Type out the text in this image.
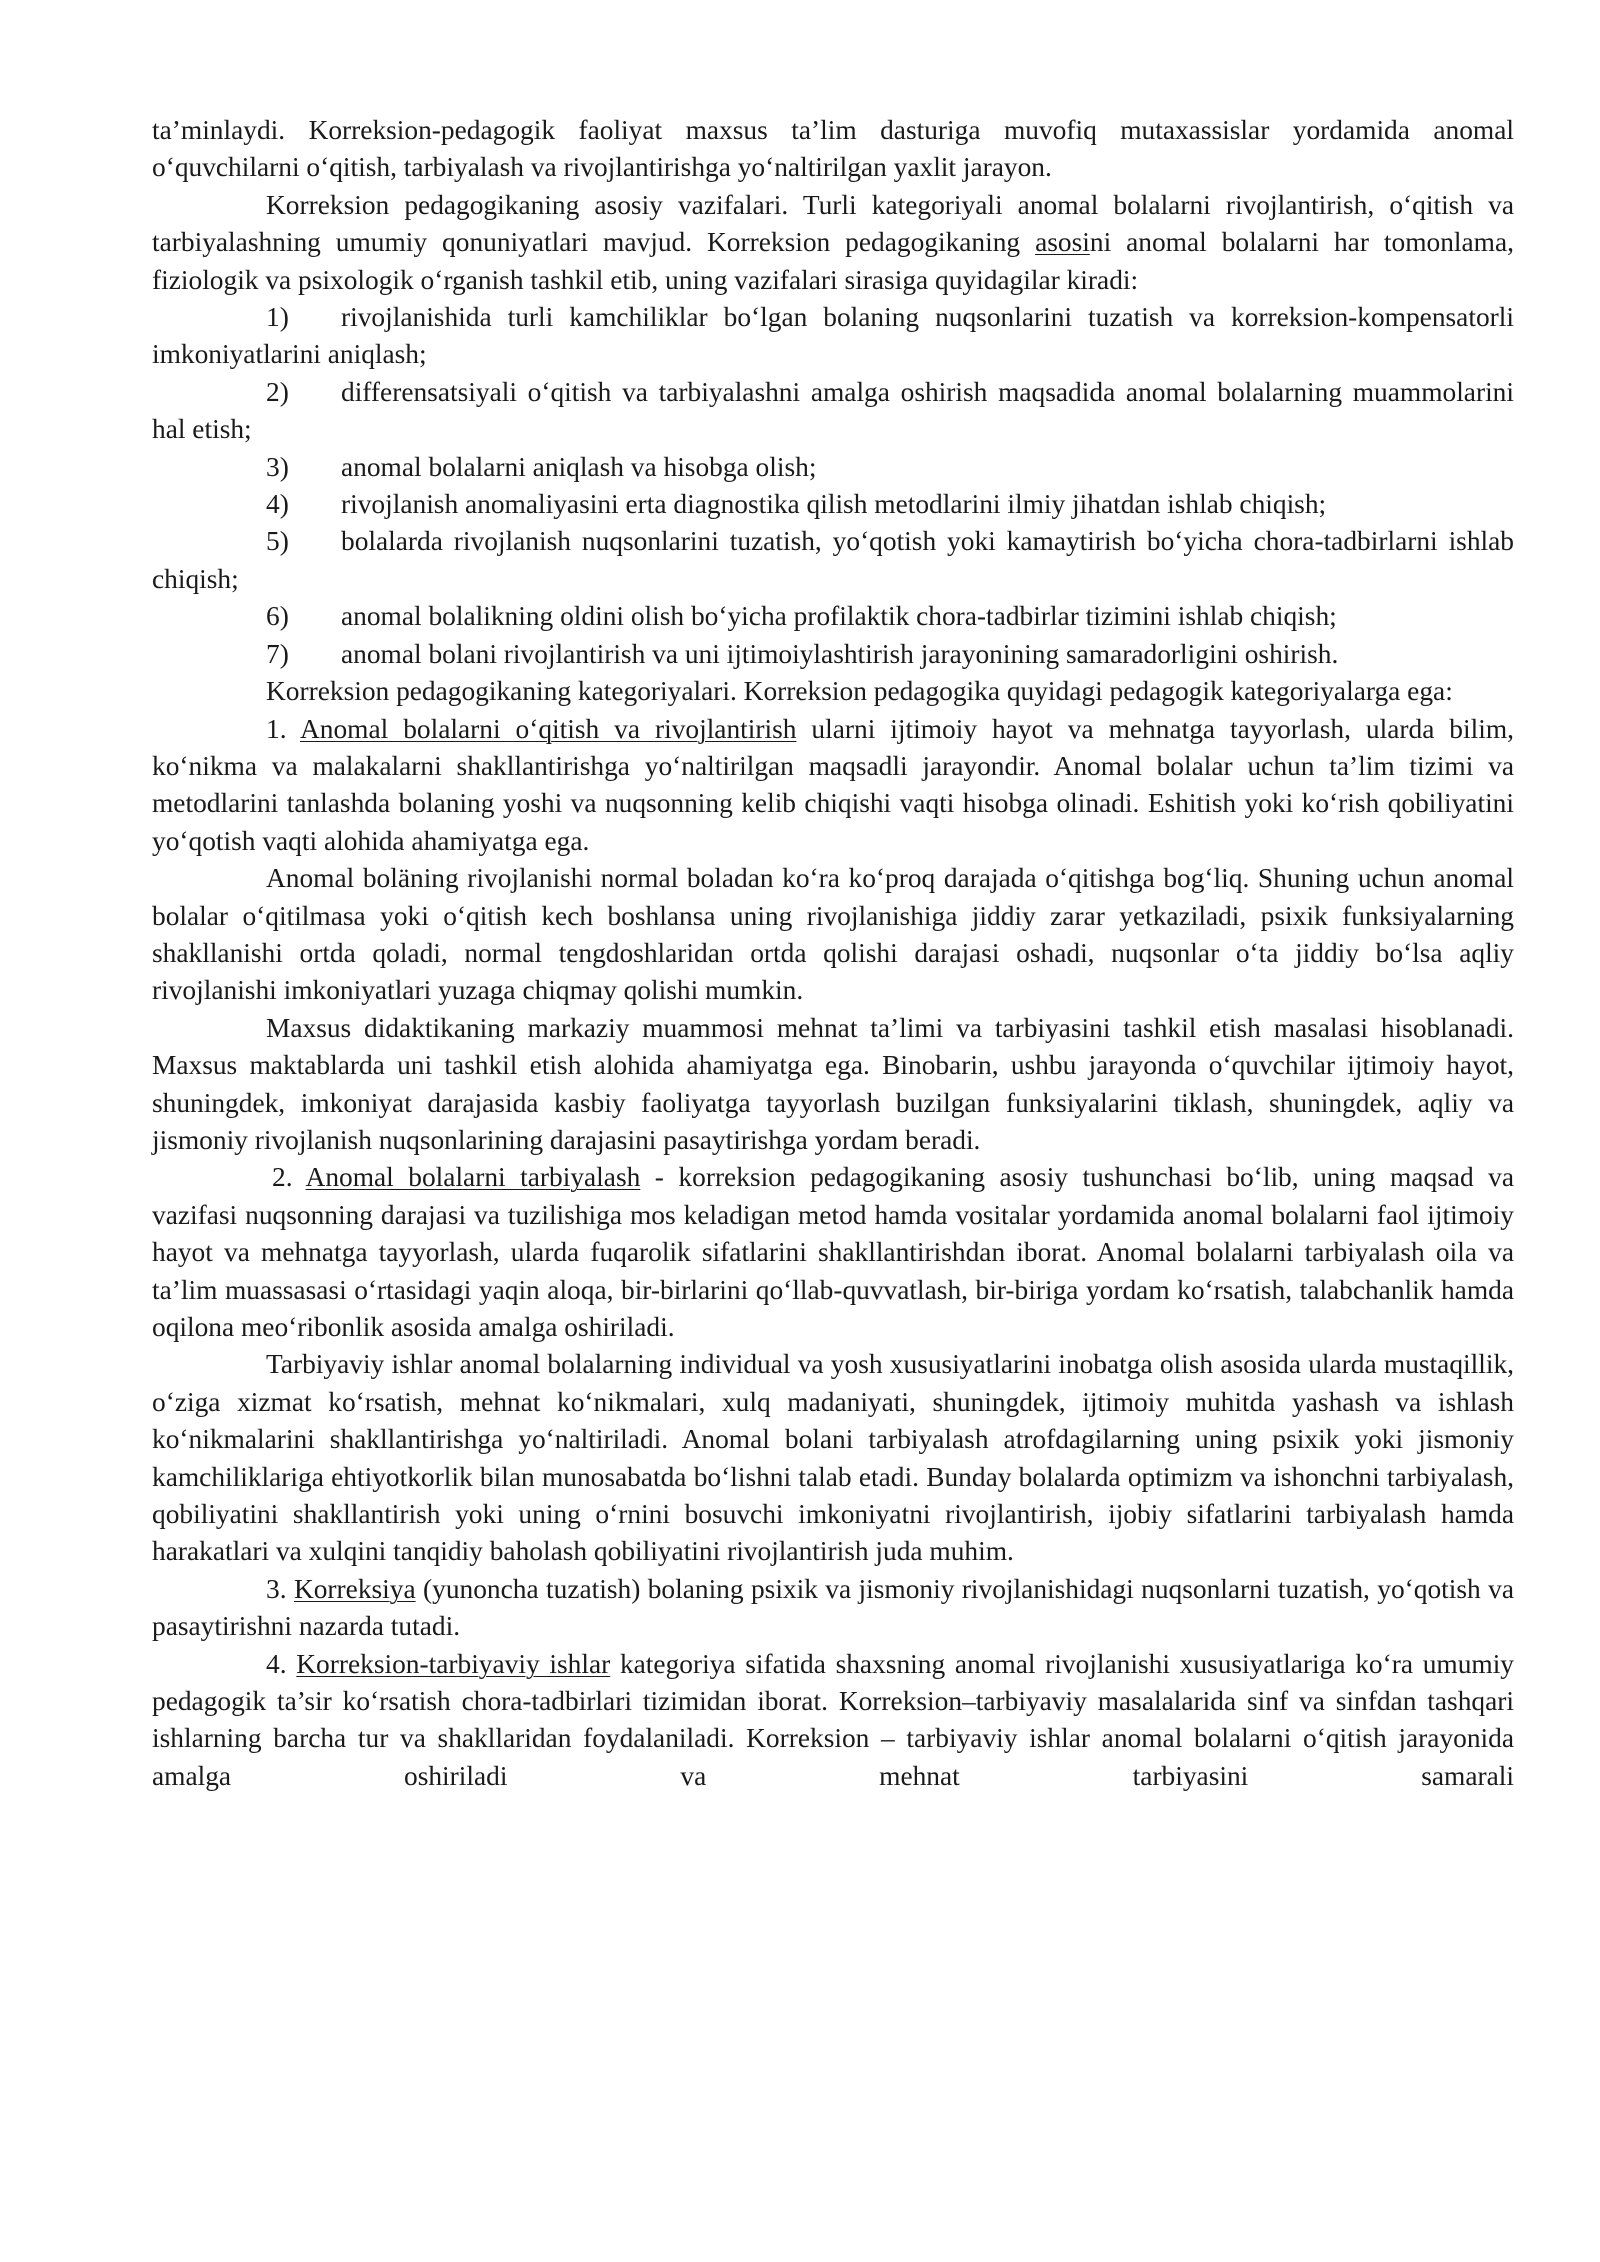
ta’minlaydi. Korreksion-pedagogik faoliyat maxsus ta’lim dasturiga muvofiq mutaxassislar yordamida anomal o‘quvchilarni o‘qitish, tarbiyalash va rivojlantirishga yo‘naltirilgan yaxlit jarayon.

Korreksion pedagogikaning asosiy vazifalari. Turli kategoriyali anomal bolalarni rivojlantirish, o‘qitish va tarbiyalashning umumiy qonuniyatlari mavjud. Korreksion pedagogikaning asosini anomal bolalarni har tomonlama, fiziologik va psixologik o‘rganish tashkil etib, uning vazifalari sirasiga quyidagilar kiradi:

1) rivojlanishida turli kamchiliklar bo‘lgan bolaning nuqsonlarini tuzatish va korreksion-kompensatorli imkoniyatlarini aniqlash;

2) differensatsiyali o‘qitish va tarbiyalashni amalga oshirish maqsadida anomal bolalarning muammolarini hal etish;

3) anomal bolalarni aniqlash va hisobga olish;

4) rivojlanish anomaliyasini erta diagnostika qilish metodlarini ilmiy jihatdan ishlab chiqish;

5) bolalarda rivojlanish nuqsonlarini tuzatish, yo‘qotish yoki kamaytirish bo‘yicha chora-tadbirlarni ishlab chiqish;

6) anomal bolalikning oldini olish bo‘yicha profilaktik chora-tadbirlar tizimini ishlab chiqish;

7) anomal bolani rivojlantirish va uni ijtimoiylashtirish jarayonining samaradorligini oshirish.

Korreksion pedagogikaning kategoriyalari. Korreksion pedagogika quyidagi pedagogik kategoriyalarga ega:

1. Anomal bolalarni o‘qitish va rivojlantirish ularni ijtimoiy hayot va mehnatga tayyorlash, ularda bilim, ko‘nikma va malakalarni shakllantirishga yo‘naltirilgan maqsadli jarayondir. Anomal bolalar uchun ta’lim tizimi va metodlarini tanlashda bolaning yoshi va nuqsonning kelib chiqishi vaqti hisobga olinadi. Eshitish yoki ko‘rish qobiliyatini yo‘qotish vaqti alohida ahamiyatga ega.

Anomal boläning rivojlanishi normal boladan ko‘ra ko‘proq darajada o‘qitishga bog‘liq. Shuning uchun anomal bolalar o‘qitilmasa yoki o‘qitish kech boshlansa uning rivojlanishiga jiddiy zarar yetkaziladi, psixik funksiyalarning shakllanishi ortda qoladi, normal tengdoshlaridan ortda qolishi darajasi oshadi, nuqsonlar o‘ta jiddiy bo‘lsa aqliy rivojlanishi imkoniyatlari yuzaga chiqmay qolishi mumkin.

Maxsus didaktikaning markaziy muammosi mehnat ta’limi va tarbiyasini tashkil etish masalasi hisoblanadi. Maxsus maktablarda uni tashkil etish alohida ahamiyatga ega. Binobarin, ushbu jarayonda o‘quvchilar ijtimoiy hayot, shuningdek, imkoniyat darajasida kasbiy faoliyatga tayyorlash buzilgan funksiyalarini tiklash, shuningdek, aqliy va jismoniy rivojlanish nuqsonlarining darajasini pasaytirishga yordam beradi.

2. Anomal bolalarni tarbiyalash - korreksion pedagogikaning asosiy tushunchasi bo‘lib, uning maqsad va vazifasi nuqsonning darajasi va tuzilishiga mos keladigan metod hamda vositalar yordamida anomal bolalarni faol ijtimoiy hayot va mehnatga tayyorlash, ularda fuqarolik sifatlarini shakllantirishdan iborat. Anomal bolalarni tarbiyalash oila va ta’lim muassasasi o‘rtasidagi yaqin aloqa, bir-birlarini qo‘llab-quvvatlash, bir-biriga yordam ko‘rsatish, talabchanlik hamda oqilona meo‘ribonlik asosida amalga oshiriladi.

Tarbiyaviy ishlar anomal bolalarning individual va yosh xususiyatlarini inobatga olish asosida ularda mustaqillik, o‘ziga xizmat ko‘rsatish, mehnat ko‘nikmalari, xulq madaniyati, shuningdek, ijtimoiy muhitda yashash va ishlash ko‘nikmalarini shakllantirishga yo‘naltiriladi. Anomal bolani tarbiyalash atrofdagilarning uning psixik yoki jismoniy kamchiliklariga ehtiyotkorlik bilan munosabatda bo‘lishni talab etadi. Bunday bolalarda optimizm va ishonchni tarbiyalash, qobiliyatini shakllantirish yoki uning o‘rnini bosuvchi imkoniyatni rivojlantirish, ijobiy sifatlarini tarbiyalash hamda harakatlari va xulqini tanqidiy baholash qobiliyatini rivojlantirish juda muhim.

3. Korreksiya (yunoncha tuzatish) bolaning psixik va jismoniy rivojlanishidagi nuqsonlarni tuzatish, yo‘qotish va pasaytirishni nazarda tutadi.

4. Korreksion-tarbiyaviy ishlar kategoriya sifatida shaxsning anomal rivojlanishi xususiyatlariga ko‘ra umumiy pedagogik ta’sir ko‘rsatish chora-tadbirlari tizimidan iborat. Korreksion–tarbiyaviy masalalarida sinf va sinfdan tashqari ishlarning barcha tur va shakllaridan foydalaniladi. Korreksion – tarbiyaviy ishlar anomal bolalarni o‘qitish jarayonida amalga oshiriladi va mehnat tarbiyasini samarali
